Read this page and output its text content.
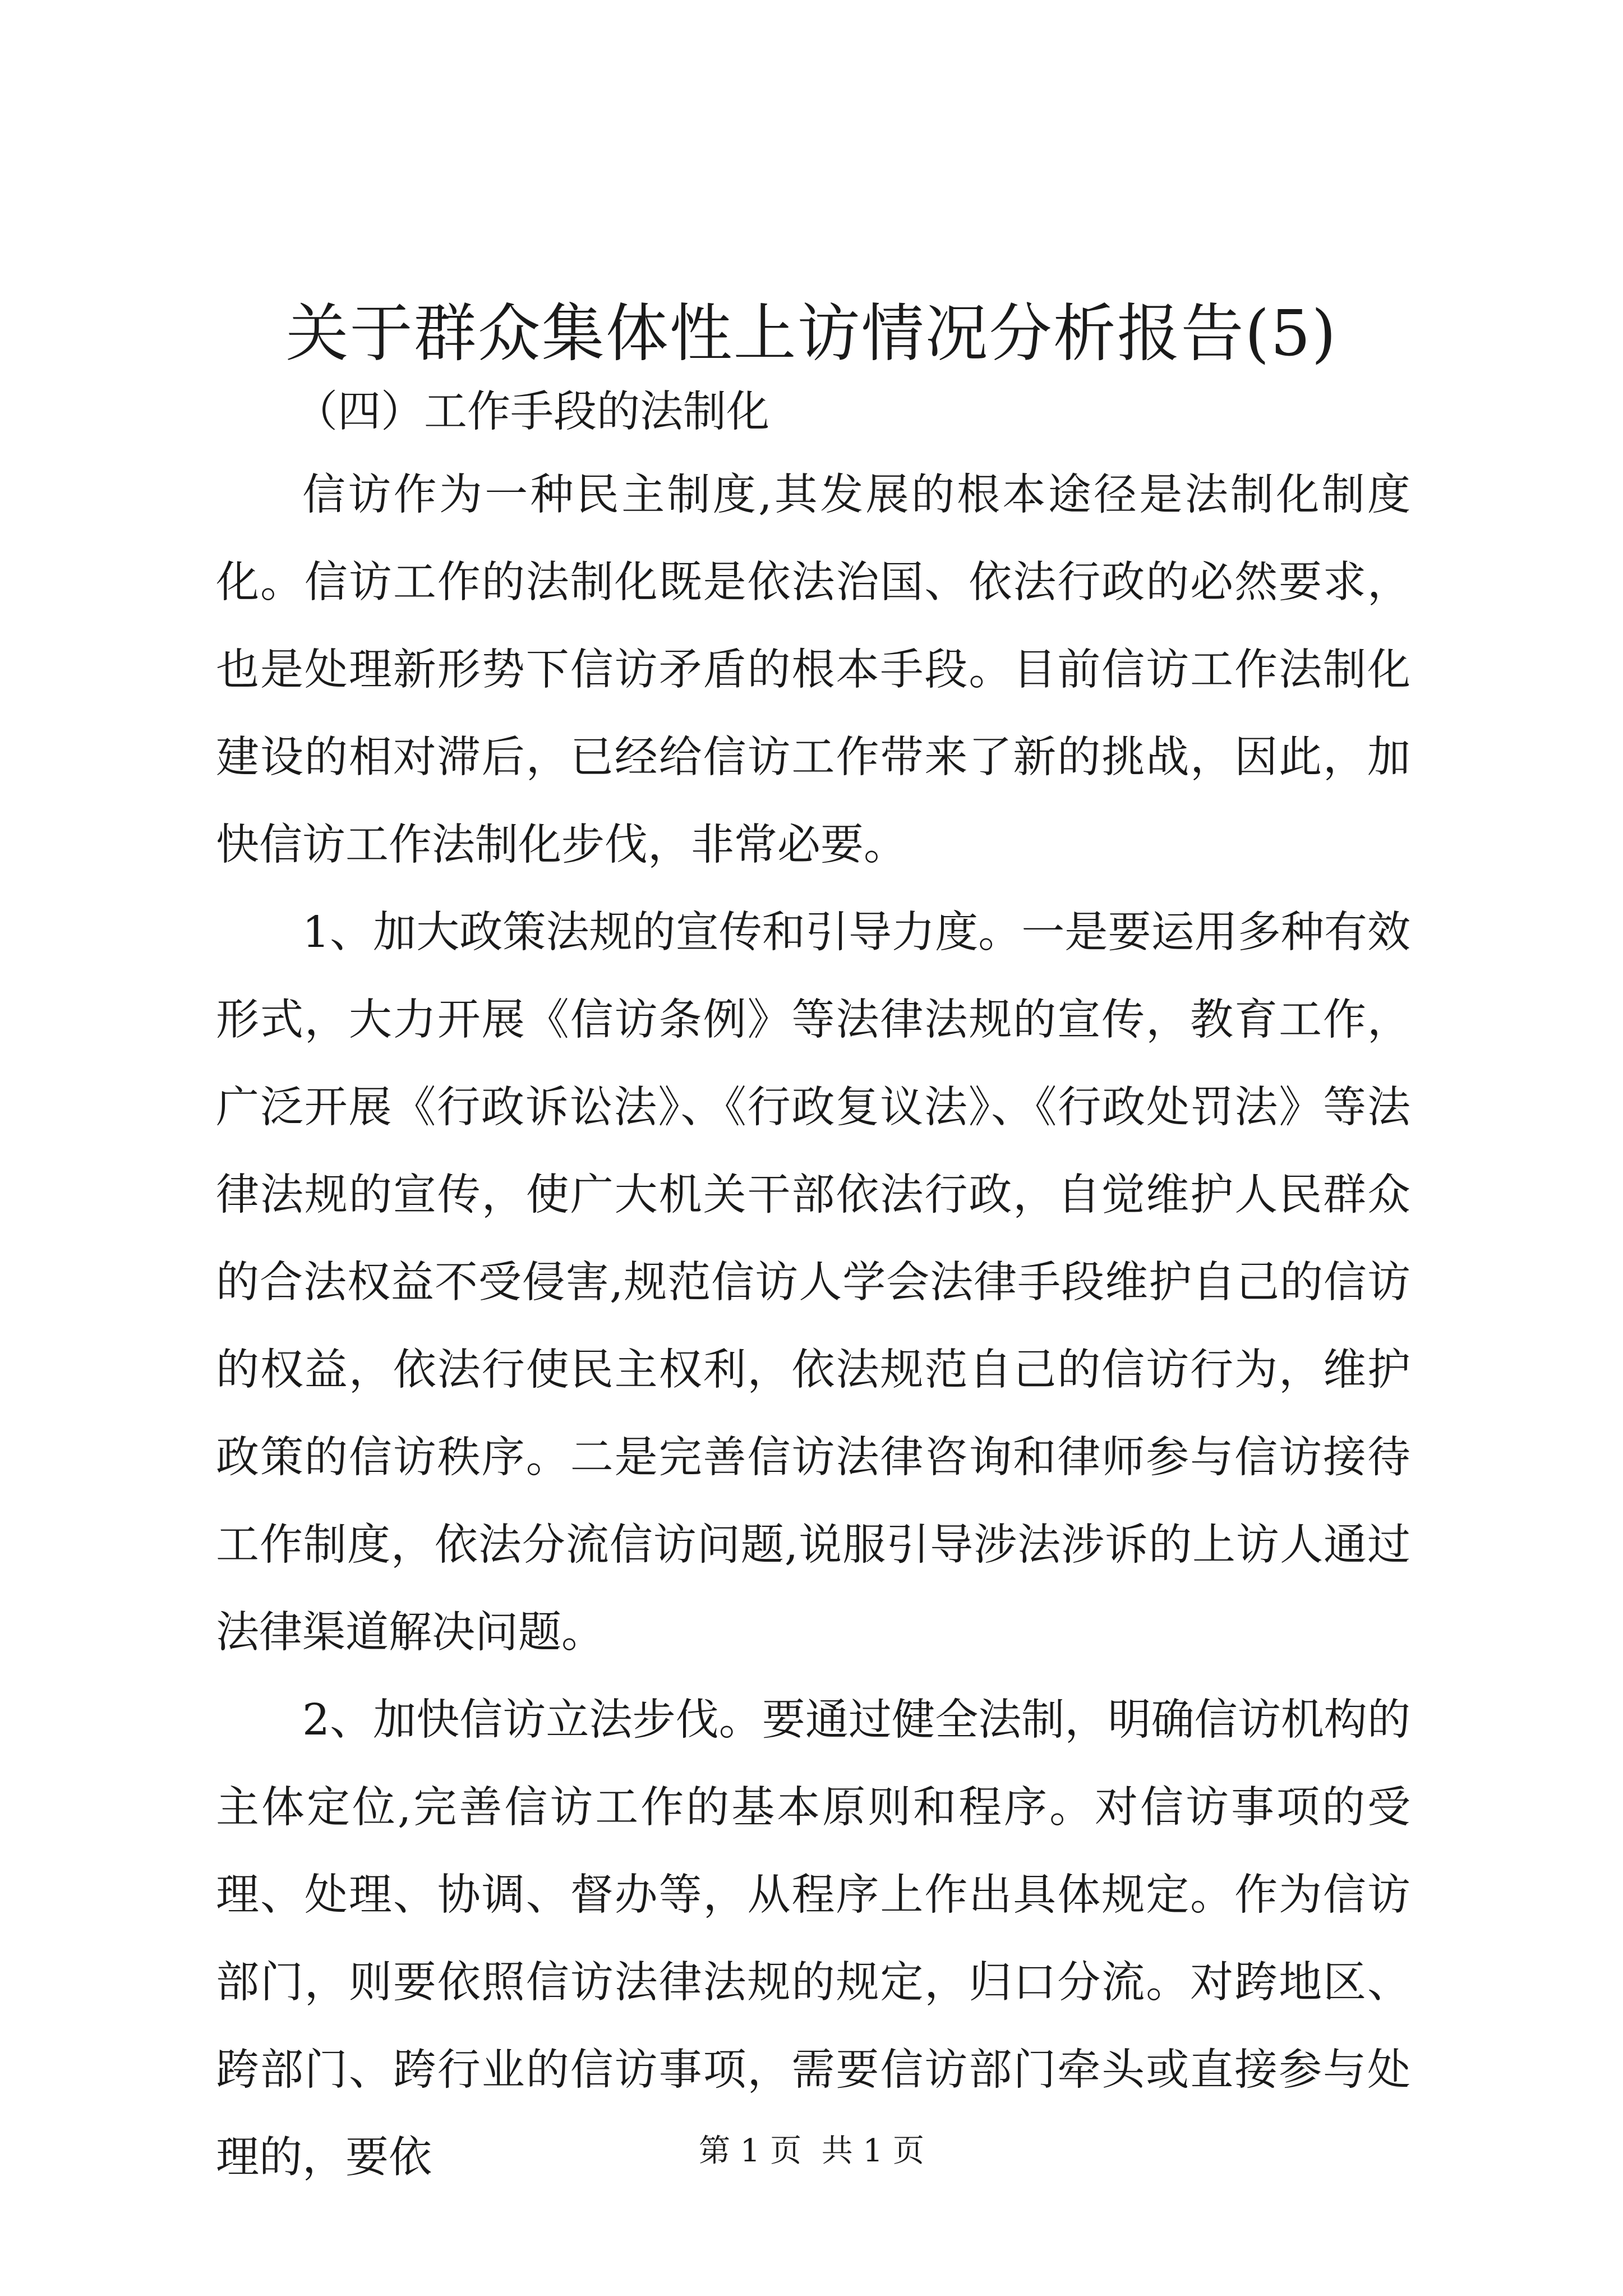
关于群众集体性上访情况分析报告(5)
（四）工作手段的法制化

信访作为一种民主制度,其发展的根本途径是法制化制度化。信访工作的法制化既是依法治国、依法行政的必然要求，也是处理新形势下信访矛盾的根本手段。目前信访工作法制化建设的相对滞后，已经给信访工作带来了新的挑战，因此，加快信访工作法制化步伐，非常必要。

1、加大政策法规的宣传和引导力度。一是要运用多种有效形式，大力开展《信访条例》等法律法规的宣传，教育工作，广泛开展《行政诉讼法》、《行政复议法》、《行政处罚法》等法律法规的宣传，使广大机关干部依法行政，自觉维护人民群众的合法权益不受侵害,规范信访人学会法律手段维护自己的信访的权益，依法行使民主权利，依法规范自己的信访行为，维护政策的信访秩序。二是完善信访法律咨询和律师参与信访接待工作制度，依法分流信访问题,说服引导涉法涉诉的上访人通过法律渠道解决问题。

2、加快信访立法步伐。要通过健全法制，明确信访机构的主体定位,完善信访工作的基本原则和程序。对信访事项的受理、处理、协调、督办等，从程序上作出具体规定。作为信访部门，则要依照信访法律法规的规定，归口分流。对跨地区、跨部门、跨行业的信访事项，需要信访部门牵头或直接参与处理的，要依	第 1 页  共 1 页
